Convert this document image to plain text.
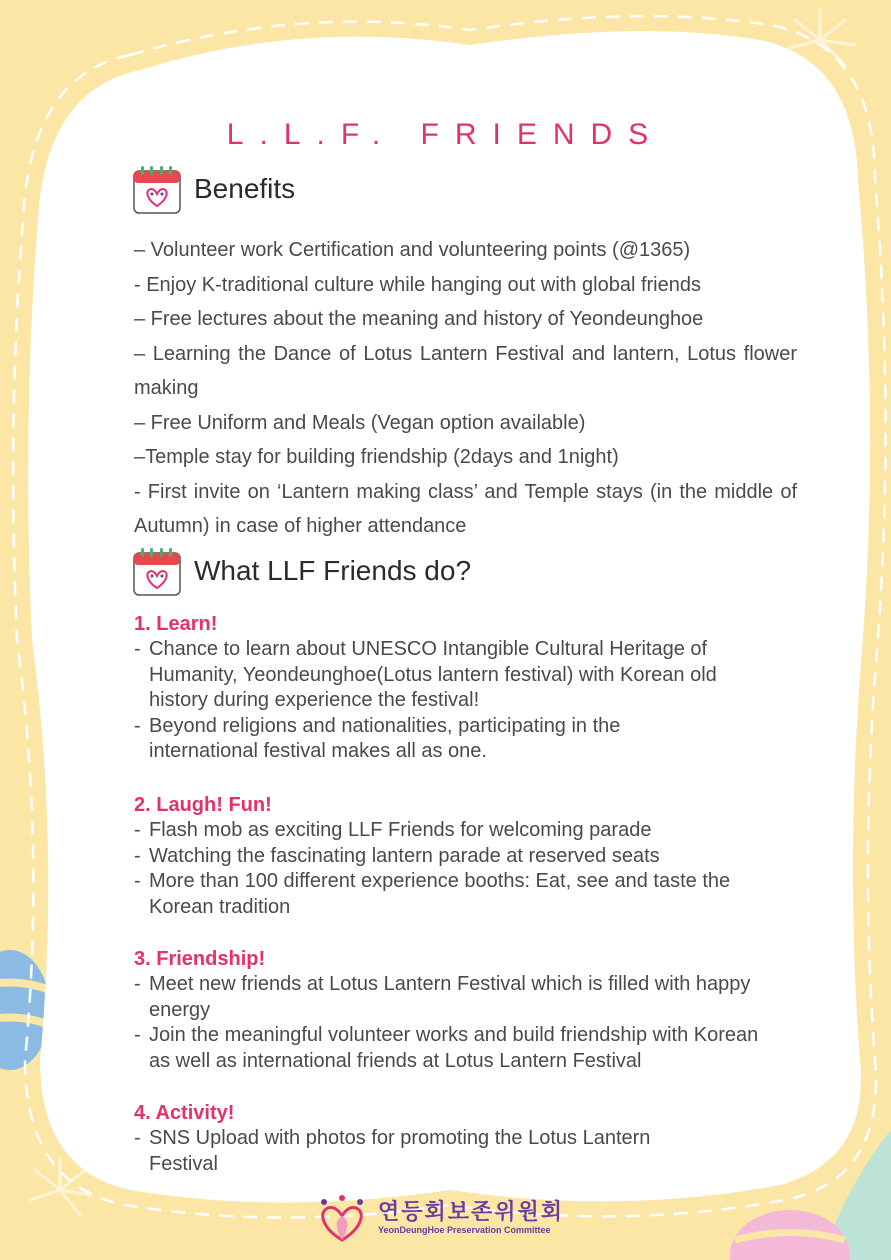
L.L.F. FRIENDS
Benefits
– Volunteer work Certification and volunteering points (@1365)
- Enjoy K-traditional culture while hanging out with global friends
– Free lectures about the meaning and history of Yeondeunghoe
– Learning the Dance of Lotus Lantern Festival and lantern, Lotus flower making
– Free Uniform and Meals (Vegan option available)
–Temple stay for building friendship (2days and 1night)
- First invite on ‘Lantern making class’ and Temple stays (in the middle of Autumn) in case of higher attendance
What LLF Friends do?
1. Learn!
- Chance to learn about UNESCO Intangible Cultural Heritage of Humanity, Yeondeunghoe(Lotus lantern festival) with Korean old history during experience the festival!
- Beyond religions and nationalities, participating in the international festival makes all as one.
2. Laugh! Fun!
- Flash mob as exciting LLF Friends for welcoming parade
- Watching the fascinating lantern parade at reserved seats
- More than 100 different experience booths: Eat, see and taste the Korean tradition
3. Friendship!
- Meet new friends at Lotus Lantern Festival which is filled with happy energy
- Join the meaningful volunteer works and build friendship with Korean as well as international friends at Lotus Lantern Festival
4. Activity!
- SNS Upload with photos for promoting the Lotus Lantern Festival
연등회보존위원회
YeonDeungHoe Preservation Committee
